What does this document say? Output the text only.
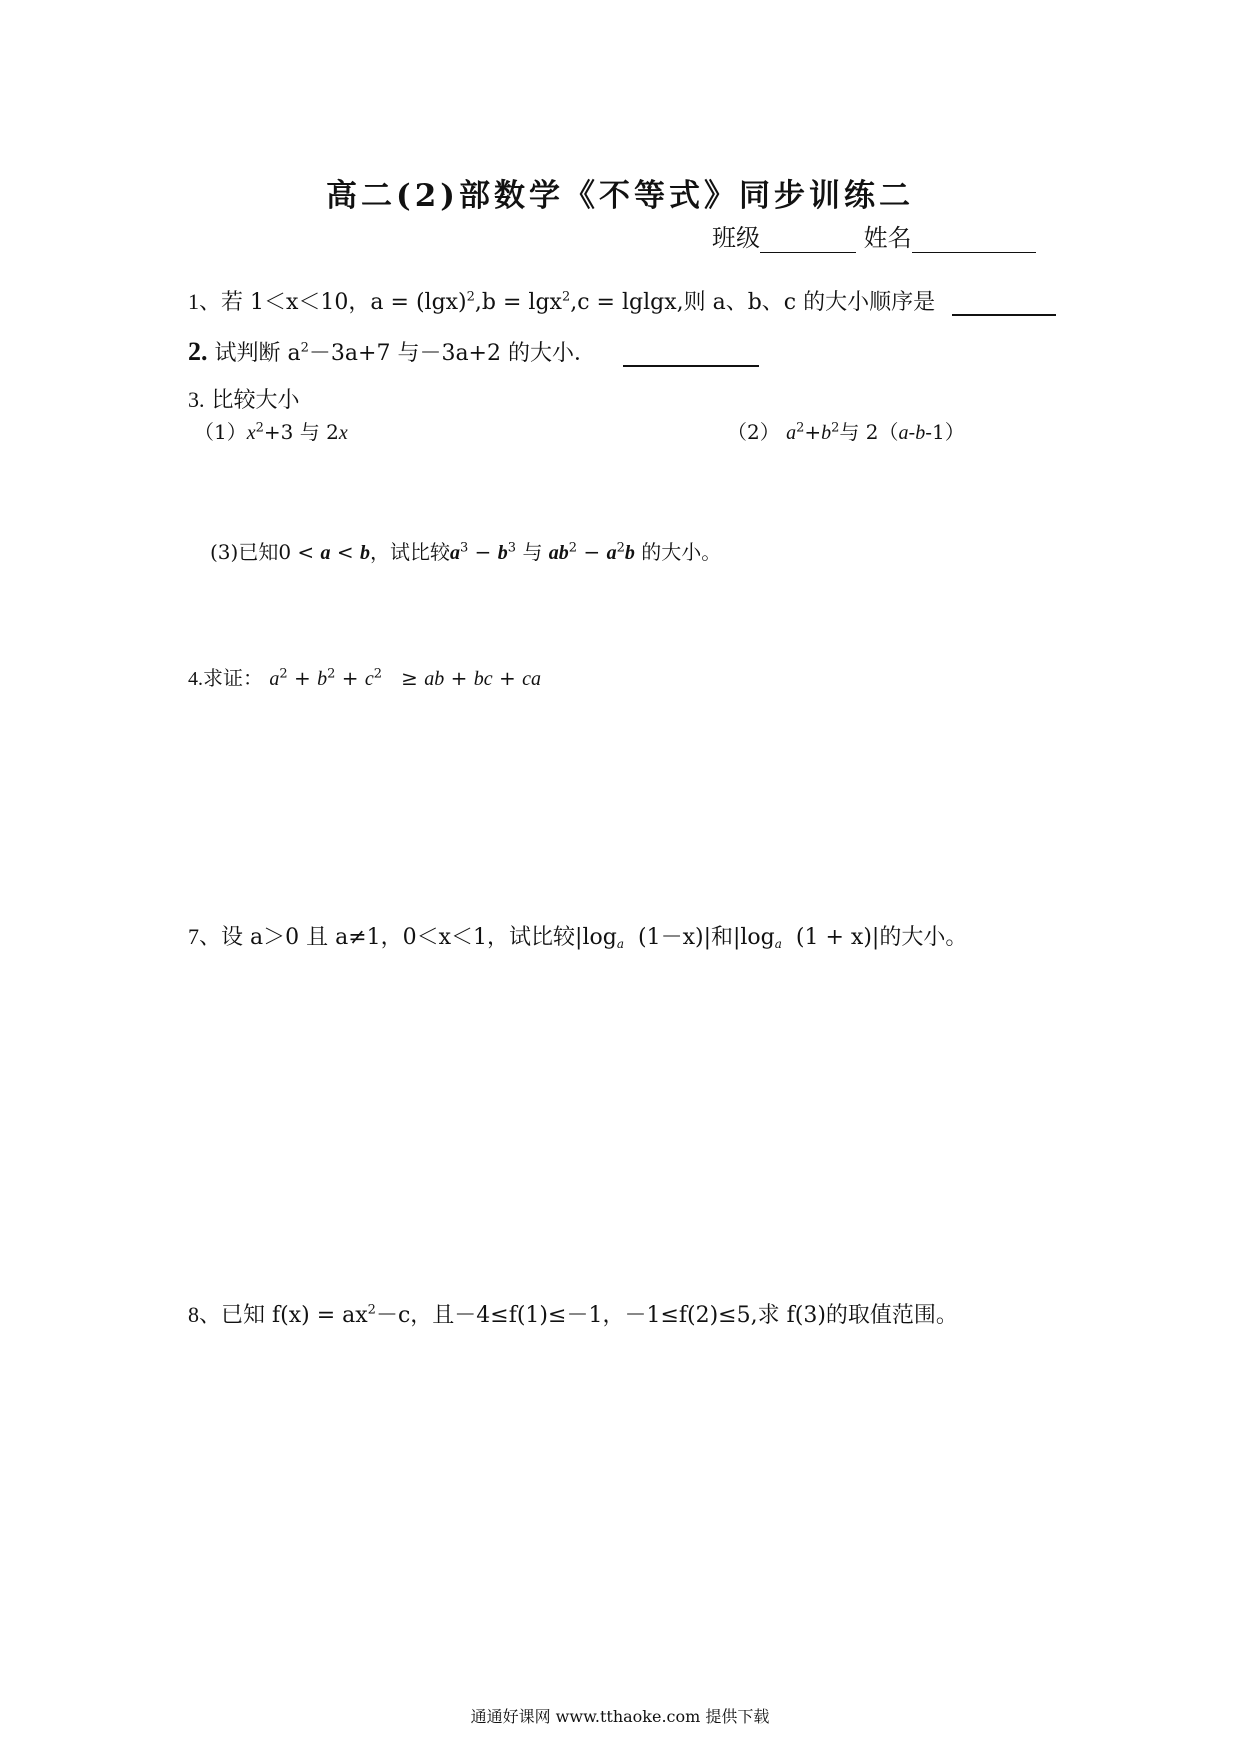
高二(2)部数学《不等式》同步训练二
班级	姓名
1、若 1＜x＜10，$a = (\lg x)^2,b = \lg x^2,c = lglgx$,则 a、b、c 的大小顺序是
2. 试判断 $a^2-3a+7$ 与－3a+2 的大小．
3. 比较大小
$(1)x^2+3$ 与 2x	（2） $a^2+b^2$与 2（a-b-1）
(3)已知0 < a < b，试比较$a^3 - b^3$ 与 $ab^2 - a^2b$ 的大小。
4.求证： $a^2 + b^2 + c^2$ ≥ ab + bc + ca
7、设 a＞0 且 a≠1，0＜x＜1，试比较|loga (1－x)|和|loga (1 + x)|的大小。
8、已知 $f(x) = ax^2-c$，且－4≤f(1)≤－1，－1≤f(2)≤5,求 f(3)的取值范围。
通通好课网 www.tthaoke.com 提供下载
